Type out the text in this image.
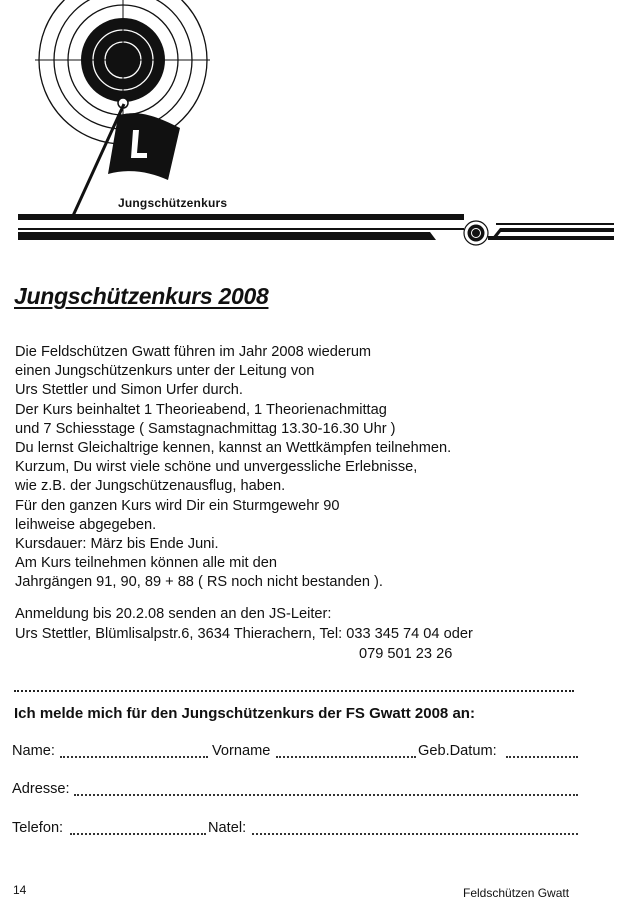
Jungschützenkurs
Jungschützenkurs 2008
Die Feldschützen Gwatt führen im Jahr 2008 wiederum
einen Jungschützenkurs unter der Leitung von
Urs Stettler und Simon Urfer durch.
Der Kurs beinhaltet 1 Theorieabend, 1 Theorienachmittag
und 7 Schiesstage ( Samstagnachmittag 13.30-16.30 Uhr )
Du lernst Gleichaltrige kennen, kannst an Wettkämpfen teilnehmen.
Kurzum, Du wirst viele schöne und unvergessliche Erlebnisse,
wie z.B. der Jungschützenausflug, haben.
Für den ganzen Kurs wird Dir ein Sturmgewehr 90
leihweise abgegeben.
Kursdauer: März bis Ende Juni.
Am Kurs teilnehmen können alle mit den
Jahrgängen 91, 90, 89 + 88 ( RS noch nicht bestanden ).
Anmeldung bis 20.2.08 senden an den JS-Leiter:
Urs Stettler, Blümlisalpstr.6, 3634 Thierachern, Tel: 033 345 74 04 oder
079 501 23 26
Ich melde mich für den Jungschützenkurs der FS Gwatt 2008 an:
Name:	Vorname	Geb.Datum:
Adresse:
Telefon:	Natel:
14	Feldschützen Gwatt
